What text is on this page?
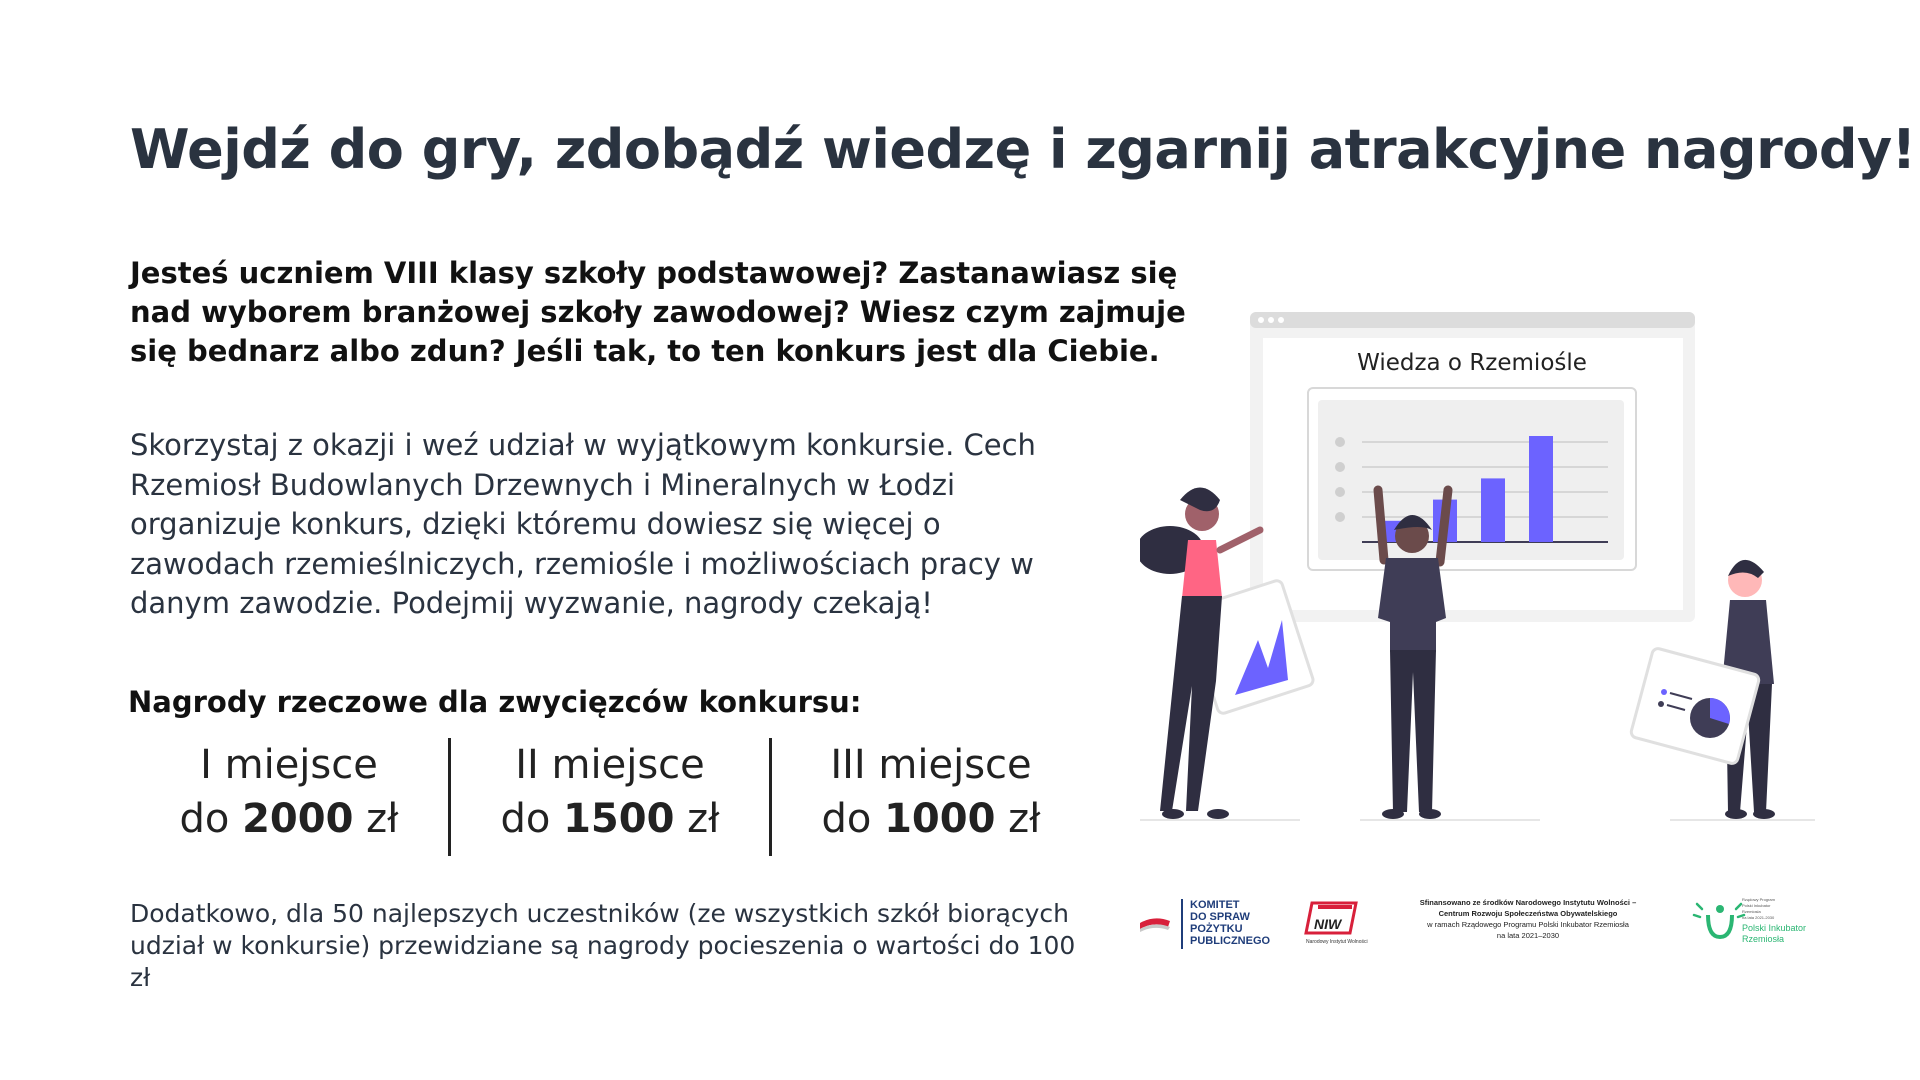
Wejdź do gry, zdobądź wiedzę i zgarnij atrakcyjne nagrody!

Jesteś uczniem VIII klasy szkoły podstawowej? Zastanawiasz się nad wyborem branżowej szkoły zawodowej? Wiesz czym zajmuje się bednarz albo zdun? Jeśli tak, to ten konkurs jest dla Ciebie.

Skorzystaj z okazji i weź udział w wyjątkowym konkursie. Cech Rzemiosł Budowlanych Drzewnych i Mineralnych w Łodzi organizuje konkurs, dzięki któremu dowiesz się więcej o zawodach rzemieślniczych, rzemiośle i możliwościach pracy w danym zawodzie. Podejmij wyzwanie, nagrody czekają!

Nagrody rzeczowe dla zwycięzców konkursu:
I miejsce
do 2000 zł
II miejsce
do 1500 zł
III miejsce
do 1000 zł

Dodatkowo, dla 50 najlepszych uczestników (ze wszystkich szkół biorących udział w konkursie) przewidziane są nagrody pocieszenia o wartości do 100 zł

Wiedza o Rzemiośle
KOMITET
DO SPRAW
POŻYTKU
PUBLICZNEGO
NIW
Narodowy Instytut Wolności
Sfinansowano ze środków Narodowego Instytutu Wolności –
Centrum Rozwoju Społeczeństwa Obywatelskiego
w ramach Rządowego Programu Polski Inkubator Rzemiosła
na lata 2021–2030
Rządowy Program
Polski Inkubator
Rzemiosła
na lata 2021-2030
Polski Inkubator
Rzemiosła
